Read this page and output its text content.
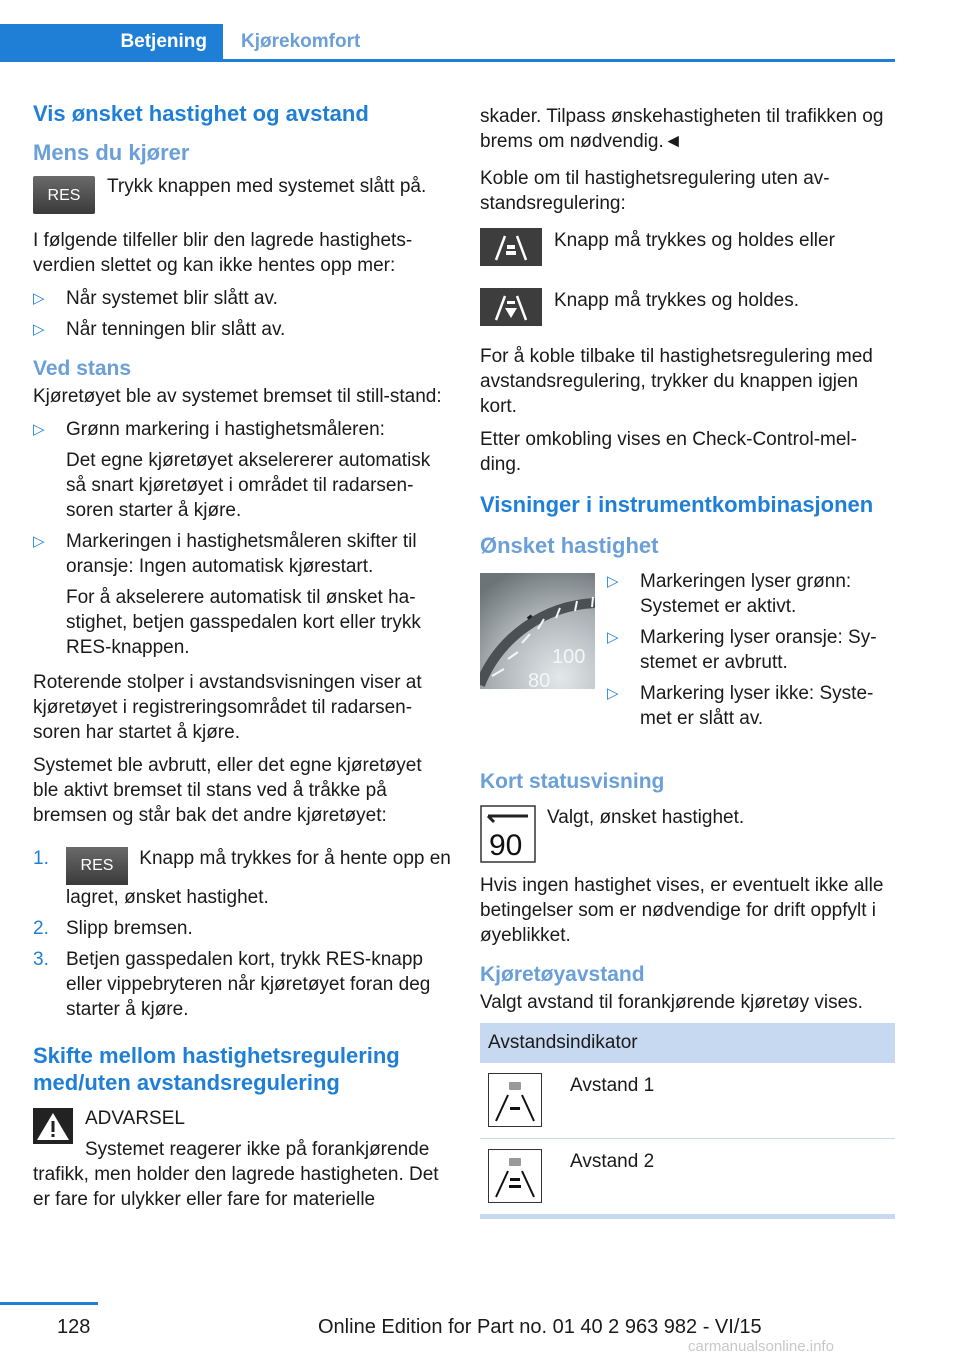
Betjening Kjørekomfort
Vis ønsket hastighet og avstand
Mens du kjører
RES	Trykk knappen med systemet slått på.

I følgende tilfeller blir den lagrede hastighets-verdien slettet og kan ikke hentes opp mer:

▷ Når systemet blir slått av.
▷ Når tenningen blir slått av.
Ved stans

Kjøretøyet ble av systemet bremset til still-stand:

▷ Grønn markering i hastighetsmåleren:
Det egne kjøretøyet akselererer automatisk så snart kjøretøyet i området til radarsen-soren starter å kjøre.
▷ Markeringen i hastighetsmåleren skifter til oransje: Ingen automatisk kjørestart.
For å akselerere automatisk til ønsket ha-stighet, betjen gasspedalen kort eller trykk RES-knappen.

Roterende stolper i avstandsvisningen viser at kjøretøyet i registreringsområdet til radarsen-soren har startet å kjøre.

Systemet ble avbrutt, eller det egne kjøretøyet ble aktivt bremset til stans ved å tråkke på bremsen og står bak det andre kjøretøyet:

1. RES Knapp må trykkes for å hente opp en lagret, ønsket hastighet.
2. Slipp bremsen.
3. Betjen gasspedalen kort, trykk RES-knapp eller vippebryteren når kjøretøyet foran deg starter å kjøre.
Skifte mellom hastighetsregulering med/uten avstandsregulering
ADVARSEL
Systemet reagerer ikke på forankjørende trafikk, men holder den lagrede hastigheten. Det er fare for ulykker eller fare for materielle

skader. Tilpass ønskehastigheten til trafikken og brems om nødvendig.◄

Koble om til hastighetsregulering uten av-standsregulering:

Knapp må trykkes og holdes eller
Knapp må trykkes og holdes.

For å koble tilbake til hastighetsregulering med avstandsregulering, trykker du knappen igjen kort.

Etter omkobling vises en Check-Control-mel-ding.

Visninger i instrumentkombinasjonen
Ønsket hastighet
100
80
▷ Markeringen lyser grønn: Systemet er aktivt.
▷ Markering lyser oransje: Sy-stemet er avbrutt.
▷ Markering lyser ikke: Syste-met er slått av.
Kort statusvisning
90
Valgt, ønsket hastighet.

Hvis ingen hastighet vises, er eventuelt ikke alle betingelser som er nødvendige for drift oppfylt i øyeblikket.

Kjøretøyavstand

Valgt avstand til forankjørende kjøretøy vises.

Avstandsindikator
Avstand 1
Avstand 2
128	Online Edition for Part no. 01 40 2 963 982 - VI/15
carmanualsonline.info
